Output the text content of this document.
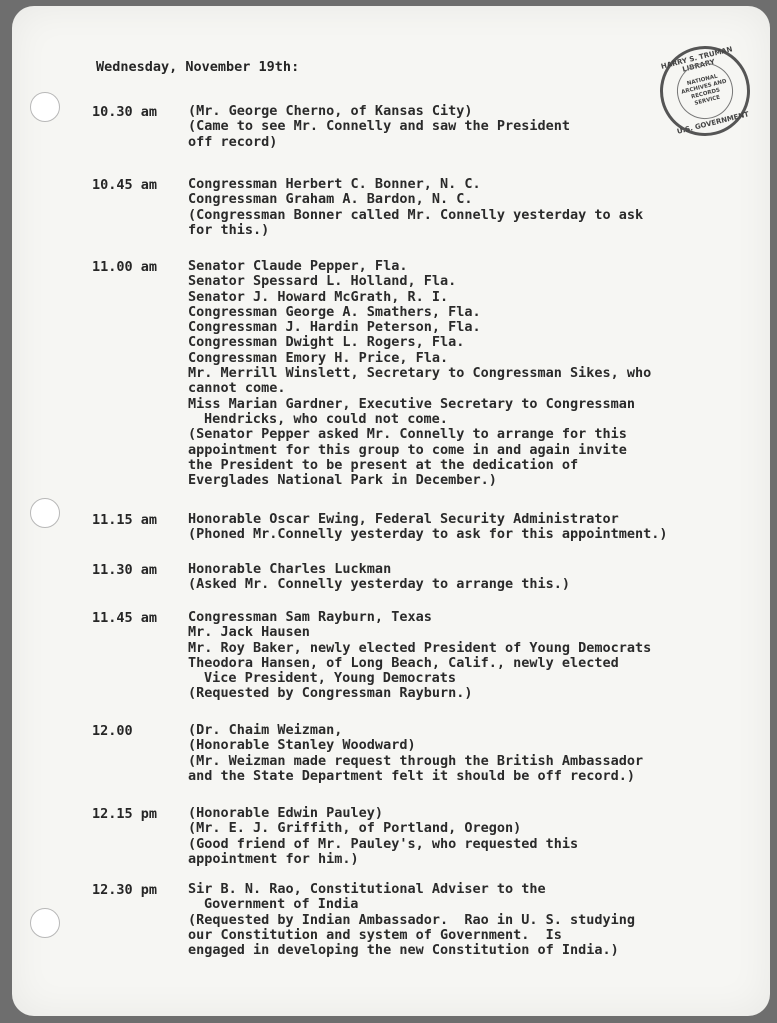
HARRY S. TRUMAN LIBRARY
NATIONAL ARCHIVES AND RECORDS SERVICE
U.S. GOVERNMENT
Wednesday, November 19th:
10.30 am	(Mr. George Cherno, of Kansas City)
(Came to see Mr. Connelly and saw the President
off record)
10.45 am	Congressman Herbert C. Bonner, N. C.
Congressman Graham A. Bardon, N. C.
(Congressman Bonner called Mr. Connelly yesterday to ask
for this.)
11.00 am	Senator Claude Pepper, Fla.
Senator Spessard L. Holland, Fla.
Senator J. Howard McGrath, R. I.
Congressman George A. Smathers, Fla.
Congressman J. Hardin Peterson, Fla.
Congressman Dwight L. Rogers, Fla.
Congressman Emory H. Price, Fla.
Mr. Merrill Winslett, Secretary to Congressman Sikes, who
cannot come.
Miss Marian Gardner, Executive Secretary to Congressman
Hendricks, who could not come.
(Senator Pepper asked Mr. Connelly to arrange for this
appointment for this group to come in and again invite
the President to be present at the dedication of
Everglades National Park in December.)
11.15 am	Honorable Oscar Ewing, Federal Security Administrator
(Phoned Mr.Connelly yesterday to ask for this appointment.)
11.30 am	Honorable Charles Luckman
(Asked Mr. Connelly yesterday to arrange this.)
11.45 am	Congressman Sam Rayburn, Texas
Mr. Jack Hausen
Mr. Roy Baker, newly elected President of Young Democrats
Theodora Hansen, of Long Beach, Calif., newly elected
Vice President, Young Democrats
(Requested by Congressman Rayburn.)
12.00	(Dr. Chaim Weizman,
(Honorable Stanley Woodward)
(Mr. Weizman made request through the British Ambassador
and the State Department felt it should be off record.)
12.15 pm	(Honorable Edwin Pauley)
(Mr. E. J. Griffith, of Portland, Oregon)
(Good friend of Mr. Pauley's, who requested this
appointment for him.)
12.30 pm	Sir B. N. Rao, Constitutional Adviser to the
Government of India
(Requested by Indian Ambassador.  Rao in U. S. studying
our Constitution and system of Government.  Is
engaged in developing the new Constitution of India.)
